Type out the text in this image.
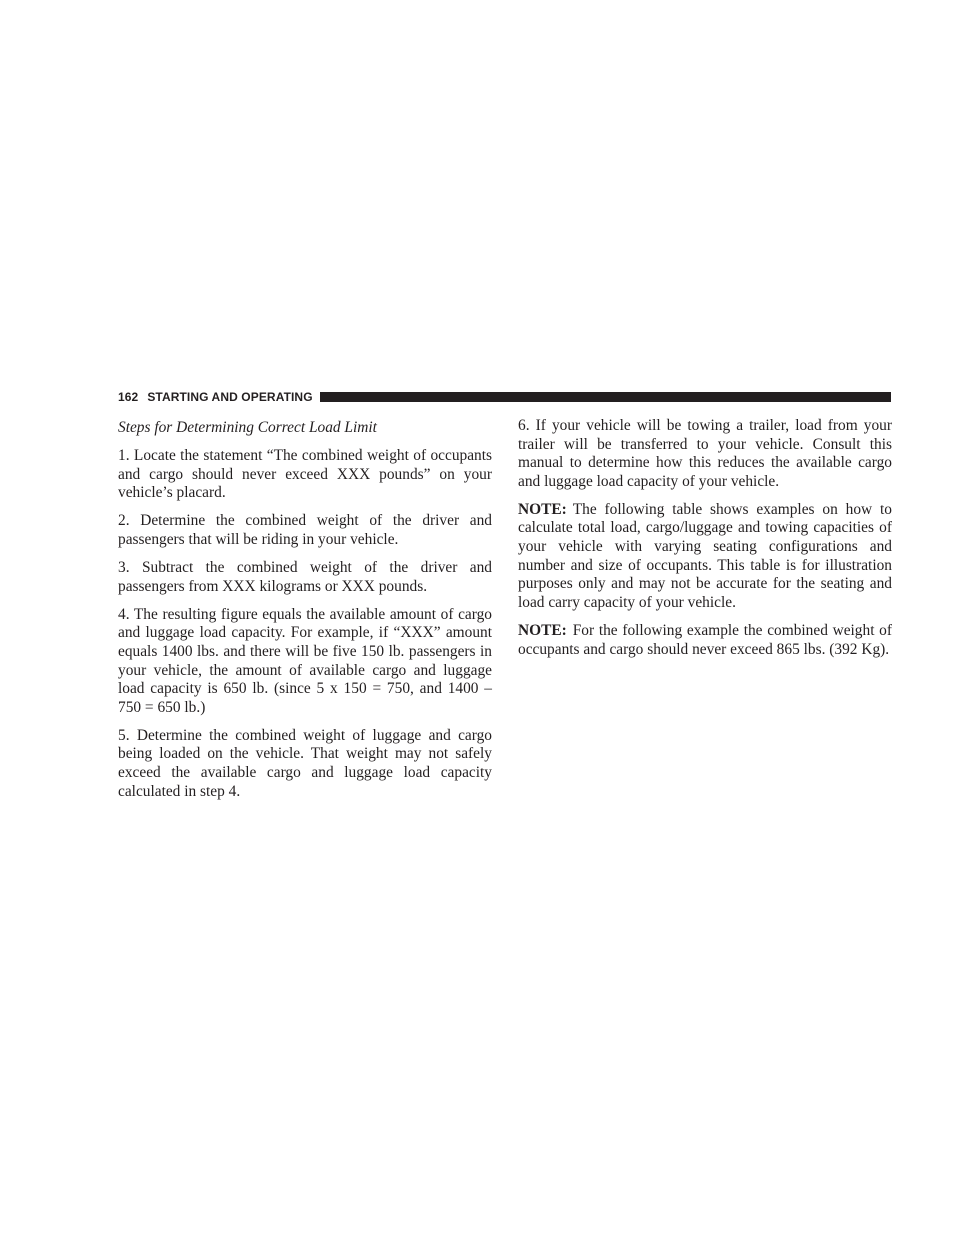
162 STARTING AND OPERATING
Steps for Determining Correct Load Limit

1. Locate the statement “The combined weight of occupants and cargo should never exceed XXX pounds” on your vehicle’s placard.

2. Determine the combined weight of the driver and passengers that will be riding in your vehicle.

3. Subtract the combined weight of the driver and passengers from XXX kilograms or XXX pounds.

4. The resulting figure equals the available amount of cargo and luggage load capacity. For example, if “XXX” amount equals 1400 lbs. and there will be five 150 lb. passengers in your vehicle, the amount of available cargo and luggage load capacity is 650 lb. (since 5 x 150 = 750, and 1400 – 750 = 650 lb.)

5. Determine the combined weight of luggage and cargo being loaded on the vehicle. That weight may not safely exceed the available cargo and luggage load capacity calculated in step 4.

6. If your vehicle will be towing a trailer, load from your trailer will be transferred to your vehicle. Consult this manual to determine how this reduces the available cargo and luggage load capacity of your vehicle.

NOTE: The following table shows examples on how to calculate total load, cargo/luggage and towing capacities of your vehicle with varying seating configurations and number and size of occupants. This table is for illustration purposes only and may not be accurate for the seating and load carry capacity of your vehicle.

NOTE: For the following example the combined weight of occupants and cargo should never exceed 865 lbs. (392 Kg).
